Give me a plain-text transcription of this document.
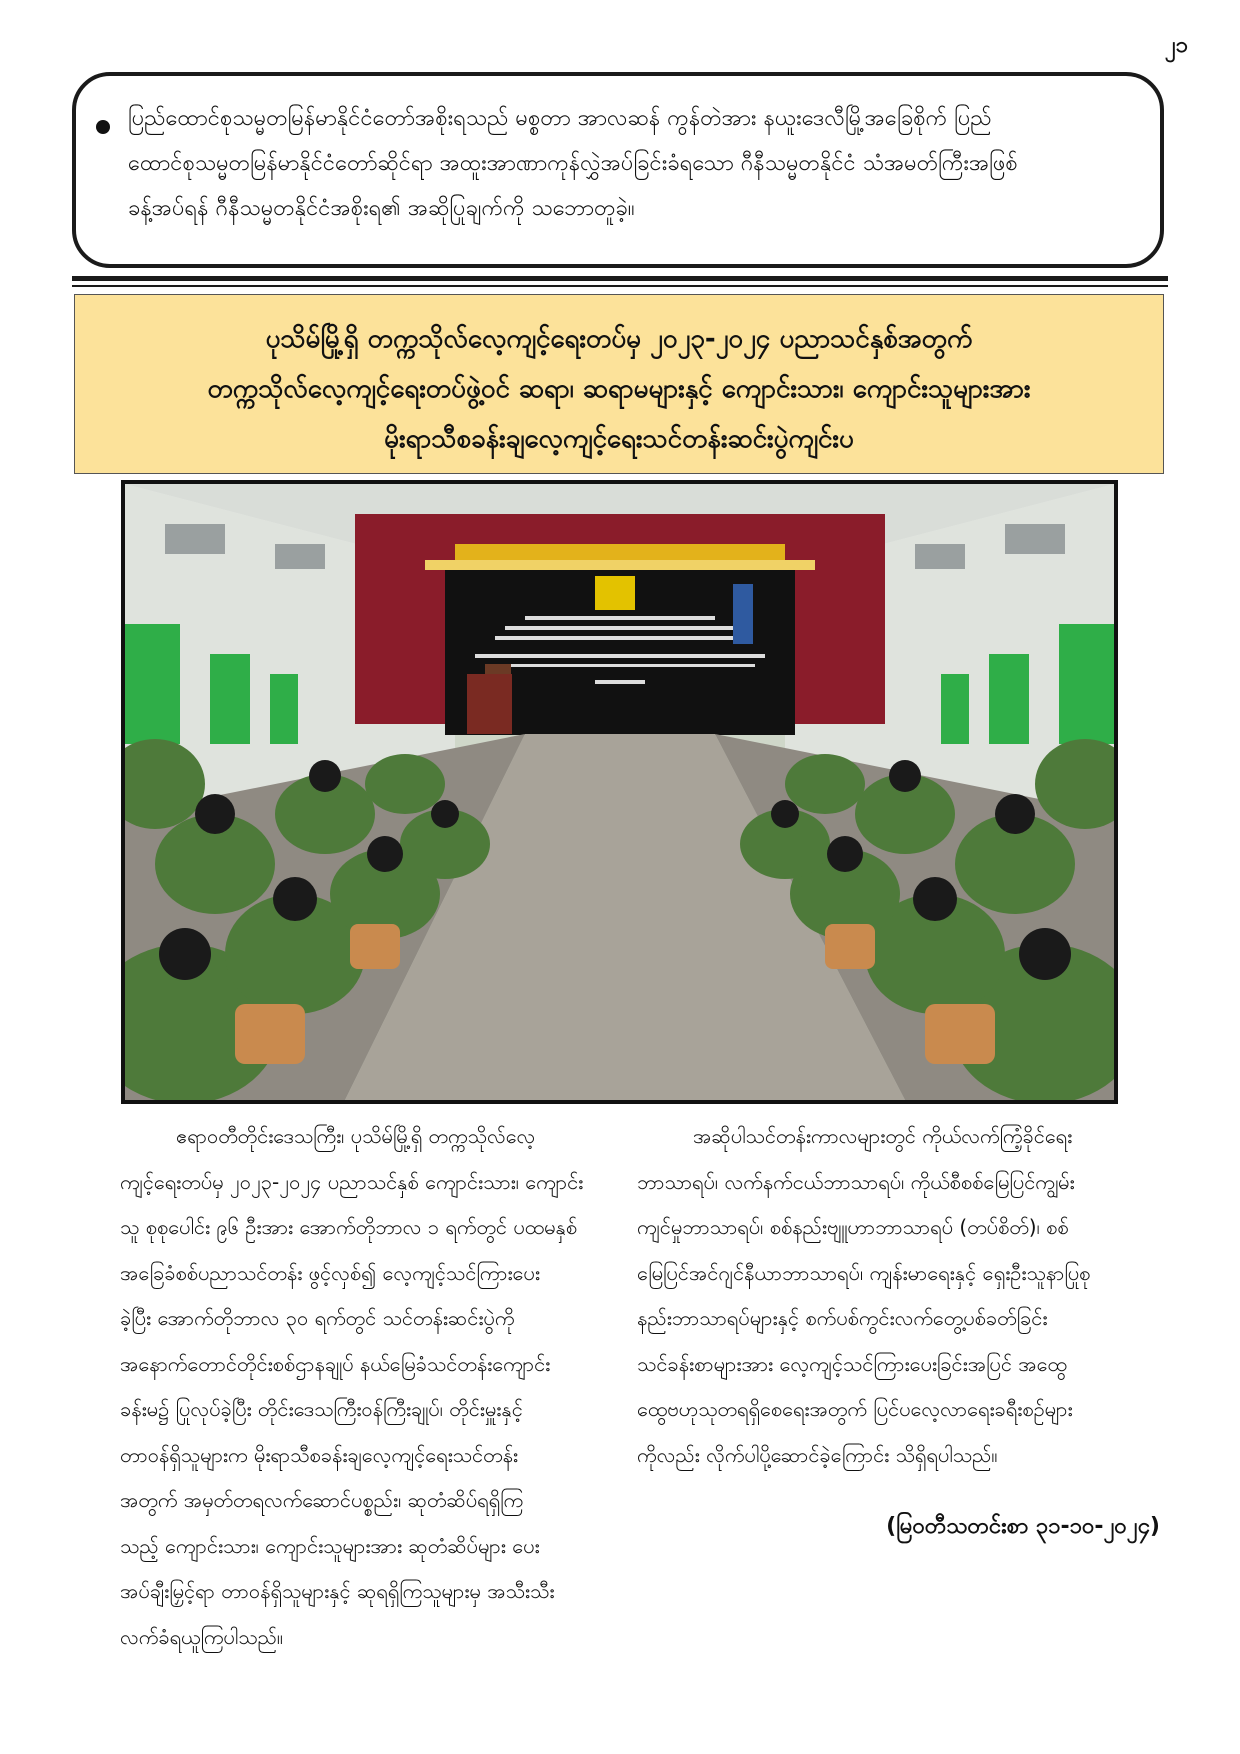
၂၁
ပြည်ထောင်စုသမ္မတမြန်မာနိုင်ငံတော်အစိုးရသည် မစ္စတာ အာလဆန် ကွန်တဲအား နယူးဒေလီမြို့အခြေစိုက် ပြည်
ထောင်စုသမ္မတမြန်မာနိုင်ငံတော်ဆိုင်ရာ အထူးအာဏာကုန်လွှဲအပ်ခြင်းခံရသော ဂီနီသမ္မတနိုင်ငံ သံအမတ်ကြီးအဖြစ်
ခန့်အပ်ရန် ဂီနီသမ္မတနိုင်ငံအစိုးရ၏ အဆိုပြုချက်ကို သဘောတူခဲ့။
ပုသိမ်မြို့ရှိ တက္ကသိုလ်လေ့ကျင့်ရေးတပ်မှ ၂၀၂၃-၂၀၂၄ ပညာသင်နှစ်အတွက်
တက္ကသိုလ်လေ့ကျင့်ရေးတပ်ဖွဲ့ဝင် ဆရာ၊ ဆရာမများနှင့် ကျောင်းသား၊ ကျောင်းသူများအား
မိုးရာသီစခန်းချလေ့ကျင့်ရေးသင်တန်းဆင်းပွဲကျင်းပ
ဧရာဝတီတိုင်းဒေသကြီး၊ ပုသိမ်မြို့ရှိ တက္ကသိုလ်လေ့
ကျင့်ရေးတပ်မှ ၂၀၂၃-၂၀၂၄ ပညာသင်နှစ် ကျောင်းသား၊ ကျောင်း
သူ စုစုပေါင်း ၉၆ ဦးအား အောက်တိုဘာလ ၁ ရက်တွင် ပထမနှစ်
အခြေခံစစ်ပညာသင်တန်း ဖွင့်လှစ်၍ လေ့ကျင့်သင်ကြားပေး
ခဲ့ပြီး အောက်တိုဘာလ ၃၀ ရက်တွင် သင်တန်းဆင်းပွဲကို
အနောက်တောင်တိုင်းစစ်ဌာနချုပ် နယ်မြေခံသင်တန်းကျောင်း
ခန်းမ၌ ပြုလုပ်ခဲ့ပြီး တိုင်းဒေသကြီးဝန်ကြီးချုပ်၊ တိုင်းမှူးနှင့်
တာဝန်ရှိသူများက မိုးရာသီစခန်းချလေ့ကျင့်ရေးသင်တန်း
အတွက် အမှတ်တရလက်ဆောင်ပစ္စည်း၊ ဆုတံဆိပ်ရရှိကြ
သည့် ကျောင်းသား၊ ကျောင်းသူများအား ဆုတံဆိပ်များ ပေး
အပ်ချီးမြှင့်ရာ တာဝန်ရှိသူများနှင့် ဆုရရှိကြသူများမှ အသီးသီး
လက်ခံရယူကြပါသည်။
အဆိုပါသင်တန်းကာလများတွင် ကိုယ်လက်ကြံ့ခိုင်ရေး
ဘာသာရပ်၊ လက်နက်ငယ်ဘာသာရပ်၊ ကိုယ်စီစစ်မြေပြင်ကျွမ်း
ကျင်မှုဘာသာရပ်၊ စစ်နည်းဗျူဟာဘာသာရပ် (တပ်စိတ်)၊ စစ်
မြေပြင်အင်ဂျင်နီယာဘာသာရပ်၊ ကျန်းမာရေးနှင့် ရှေးဦးသူနာပြုစု
နည်းဘာသာရပ်များနှင့် စက်ပစ်ကွင်းလက်တွေ့ပစ်ခတ်ခြင်း
သင်ခန်းစာများအား လေ့ကျင့်သင်ကြားပေးခြင်းအပြင် အထွေ
ထွေဗဟုသုတရရှိစေရေးအတွက် ပြင်ပလေ့လာရေးခရီးစဉ်များ
ကိုလည်း လိုက်ပါပို့ဆောင်ခဲ့ကြောင်း သိရှိရပါသည်။
(မြဝတီသတင်းစာ ၃၁-၁၀-၂၀၂၄)
